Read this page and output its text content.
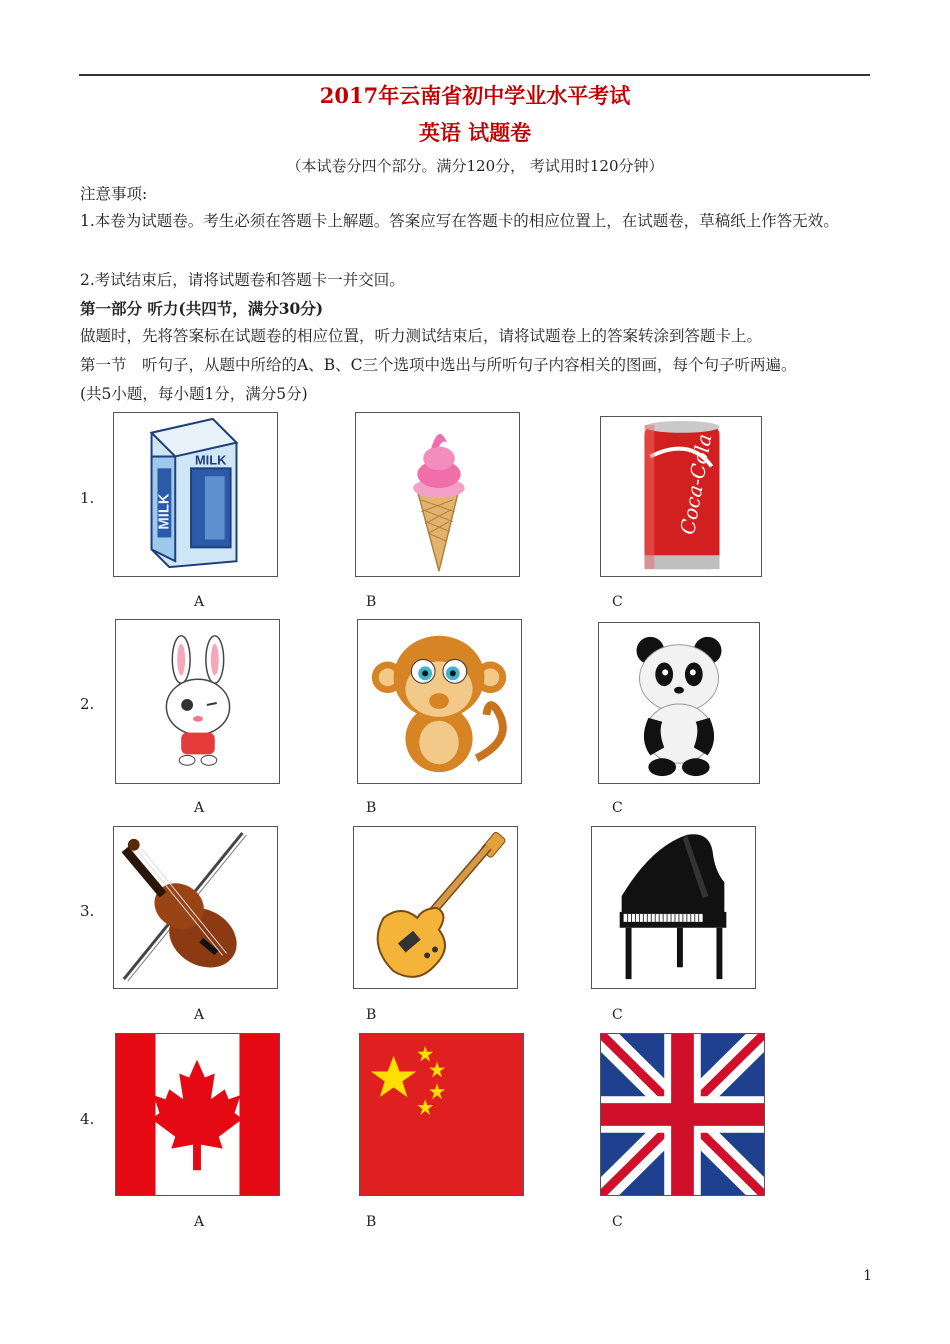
2017年云南省初中学业水平考试
英语 试题卷
（本试卷分四个部分。满分120分， 考试用时120分钟）
注意事项:
1.本卷为试题卷。考生必须在答题卡上解题。答案应写在答题卡的相应位置上，在试题卷，草稿纸上作答无效。
2.考试结束后，请将试题卷和答题卡一并交回。
第一部分 听力(共四节，满分30分)
做题时，先将答案标在试题卷的相应位置，听力测试结束后，请将试题卷上的答案转涂到答题卡上。
第一节　听句子，从题中所给的A、B、C三个选项中选出与所听句子内容相关的图画，每个句子听两遍。
(共5小题，每小题1分，满分5分)
1.	MILK
MILK
A	B
Coca-Cola
C
2.
A	B	C
3.
A	B	C
4.
A	B	C
1
